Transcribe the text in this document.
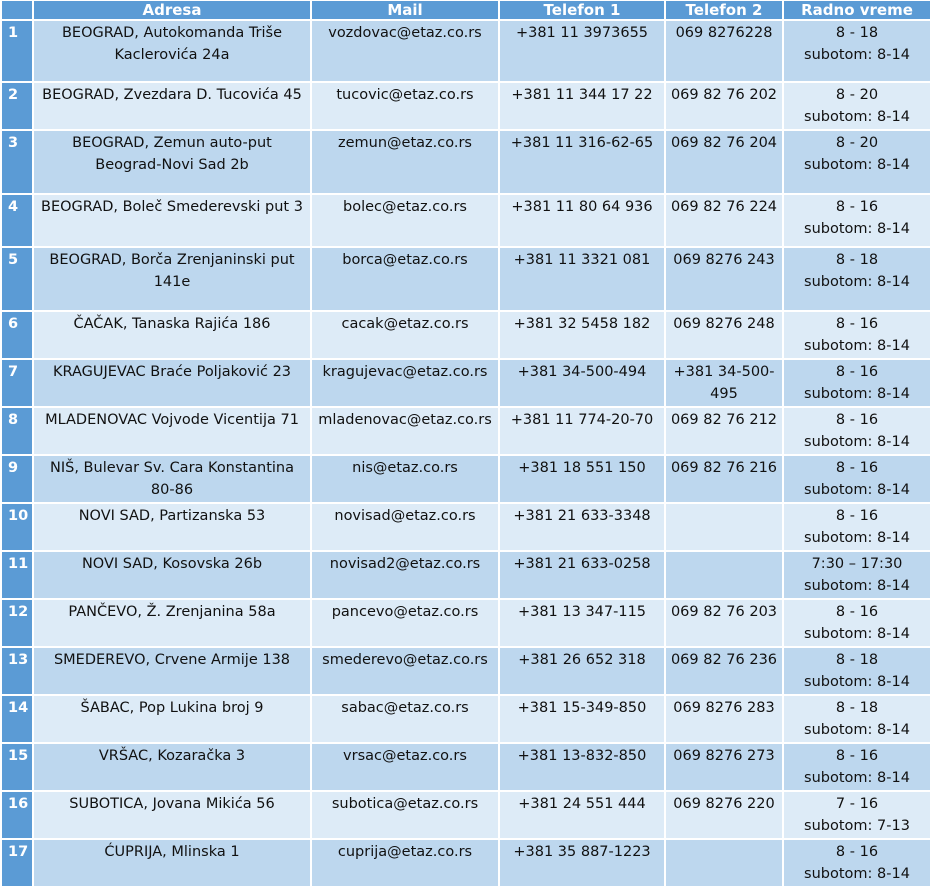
	Adresa	Mail	Telefon 1	Telefon 2	Radno vreme
1	BEOGRAD, Autokomanda Triše Kaclerovića 24a	vozdovac@etaz.co.rs	+381 11 3973655	069 8276228	8 - 18
subotom: 8-14

2	BEOGRAD, Zvezdara D. Tucovića 45	tucovic@etaz.co.rs	+381 11 344 17 22	069 82 76 202	8 - 20
subotom: 8-14

3	BEOGRAD, Zemun auto-put Beograd-Novi Sad 2b	zemun@etaz.co.rs	+381 11 316-62-65	069 82 76 204	8 - 20
subotom: 8-14

4	BEOGRAD, Boleč Smederevski put 3	bolec@etaz.co.rs	+381 11 80 64 936	069 82 76 224	8 - 16
subotom: 8-14

5	BEOGRAD, Borča Zrenjaninski put 141e	borca@etaz.co.rs	+381 11 3321 081	069 8276 243	8 - 18
subotom: 8-14

6	ČAČAK, Tanaska Rajića 186	cacak@etaz.co.rs	+381 32 5458 182	069 8276 248	8 - 16
subotom: 8-14

7	KRAGUJEVAC Braće Poljaković 23	kragujevac@etaz.co.rs	+381 34-500-494	+381 34-500-495	8 - 16
subotom: 8-14

8	MLADENOVAC Vojvode Vicentija 71	mladenovac@etaz.co.rs	+381 11 774-20-70	069 82 76 212	8 - 16
subotom: 8-14

9	NIŠ, Bulevar Sv. Cara Konstantina 80-86	nis@etaz.co.rs	+381 18 551 150	069 82 76 216	8 - 16
subotom: 8-14

10	NOVI SAD, Partizanska 53	novisad@etaz.co.rs	+381 21 633-3348		8 - 16
subotom: 8-14

11	NOVI SAD, Kosovska 26b	novisad2@etaz.co.rs	+381 21 633-0258		7:30 – 17:30
subotom: 8-14

12	PANČEVO, Ž. Zrenjanina 58a	pancevo@etaz.co.rs	+381 13 347-115	069 82 76 203	8 - 16
subotom: 8-14

13	SMEDEREVO, Crvene Armije 138	smederevo@etaz.co.rs	+381 26 652 318	069 82 76 236	8 - 18
subotom: 8-14

14	ŠABAC, Pop Lukina broj 9	sabac@etaz.co.rs	+381 15-349-850	069 8276 283	8 - 18
subotom: 8-14

15	VRŠAC, Kozaračka 3	vrsac@etaz.co.rs	+381 13-832-850	069 8276 273	8 - 16
subotom: 8-14

16	SUBOTICA, Jovana Mikića 56	subotica@etaz.co.rs	+381 24 551 444	069 8276 220	7 - 16
subotom: 7-13

17	ĆUPRIJA, Mlinska 1	cuprija@etaz.co.rs	+381 35 887-1223		8 - 16
subotom: 8-14
